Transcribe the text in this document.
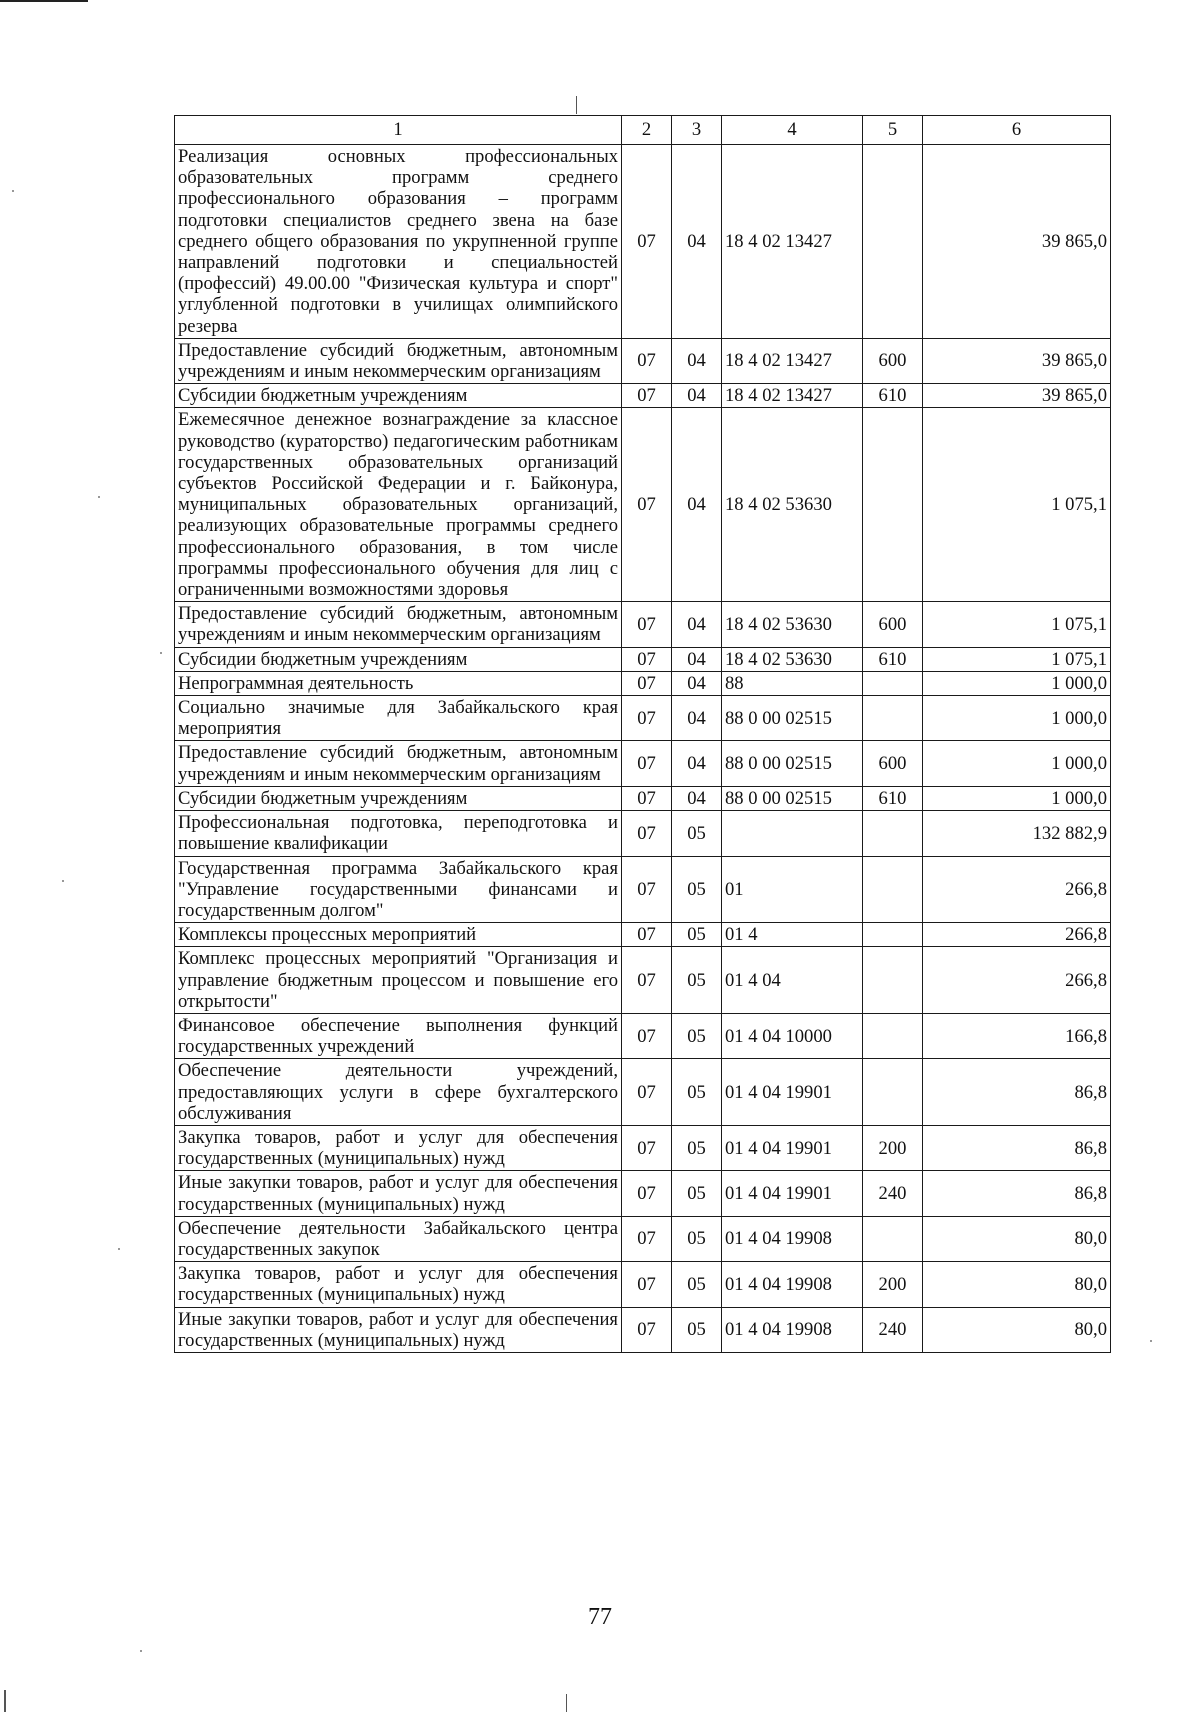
1	2	3	4	5	6
Реализация основных профессиональных образовательных программ среднего профессионального образования – программ подготовки специалистов среднего звена на базе среднего общего образования по укрупненной группе направлений подготовки и специальностей (профессий) 49.00.00 "Физическая культура и спорт" углубленной подготовки в училищах олимпийского резерва	07	04	18 4 02 13427		39 865,0
Предоставление субсидий бюджетным, автономным учреждениям и иным некоммерческим организациям	07	04	18 4 02 13427	600	39 865,0
Субсидии бюджетным учреждениям	07	04	18 4 02 13427	610	39 865,0
Ежемесячное денежное вознаграждение за классное руководство (кураторство) педагогическим работникам государственных образовательных организаций субъектов Российской Федерации и г. Байконура, муниципальных образовательных организаций, реализующих образовательные программы среднего профессионального образования, в том числе программы профессионального обучения для лиц с ограниченными возможностями здоровья	07	04	18 4 02 53630		1 075,1
Предоставление субсидий бюджетным, автономным учреждениям и иным некоммерческим организациям	07	04	18 4 02 53630	600	1 075,1
Субсидии бюджетным учреждениям	07	04	18 4 02 53630	610	1 075,1
Непрограммная деятельность	07	04	88		1 000,0
Социально значимые для Забайкальского края мероприятия	07	04	88 0 00 02515		1 000,0
Предоставление субсидий бюджетным, автономным учреждениям и иным некоммерческим организациям	07	04	88 0 00 02515	600	1 000,0
Субсидии бюджетным учреждениям	07	04	88 0 00 02515	610	1 000,0
Профессиональная подготовка, переподготовка и повышение квалификации	07	05			132 882,9
Государственная программа Забайкальского края "Управление государственными финансами и государственным долгом"	07	05	01		266,8
Комплексы процессных мероприятий	07	05	01 4		266,8
Комплекс процессных мероприятий "Организация и управление бюджетным процессом и повышение его открытости"	07	05	01 4 04		266,8
Финансовое обеспечение выполнения функций государственных учреждений	07	05	01 4 04 10000		166,8
Обеспечение деятельности учреждений, предоставляющих услуги в сфере бухгалтерского обслуживания	07	05	01 4 04 19901		86,8
Закупка товаров, работ и услуг для обеспечения государственных (муниципальных) нужд	07	05	01 4 04 19901	200	86,8
Иные закупки товаров, работ и услуг для обеспечения государственных (муниципальных) нужд	07	05	01 4 04 19901	240	86,8
Обеспечение деятельности Забайкальского центра государственных закупок	07	05	01 4 04 19908		80,0
Закупка товаров, работ и услуг для обеспечения государственных (муниципальных) нужд	07	05	01 4 04 19908	200	80,0
Иные закупки товаров, работ и услуг для обеспечения государственных (муниципальных) нужд	07	05	01 4 04 19908	240	80,0
77
